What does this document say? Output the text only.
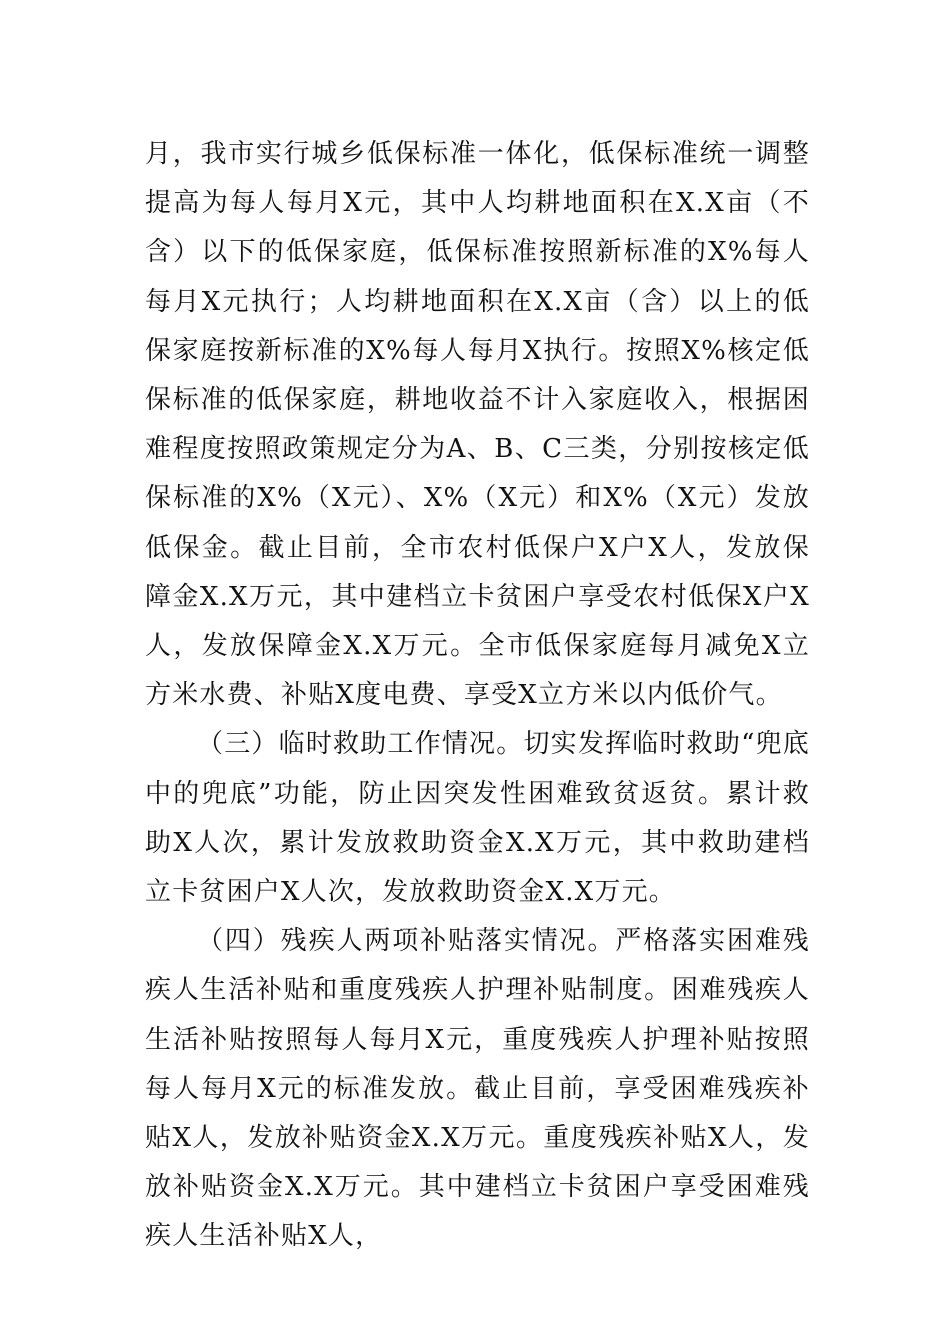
月，我市实行城乡低保标准一体化，低保标准统一调整提高为每人每月X元，其中人均耕地面积在X.X亩（不含）以下的低保家庭，低保标准按照新标准的X%每人每月X元执行；人均耕地面积在X.X亩（含）以上的低保家庭按新标准的X%每人每月X执行。按照X%核定低保标准的低保家庭，耕地收益不计入家庭收入，根据困难程度按照政策规定分为A、B、C三类，分别按核定低保标准的X%（X元）、X%（X元）和X%（X元）发放低保金。截止目前，全市农村低保户X户X人，发放保障金X.X万元，其中建档立卡贫困户享受农村低保X户X人，发放保障金X.X万元。全市低保家庭每月减免X立方米水费、补贴X度电费、享受X立方米以内低价气。

（三）临时救助工作情况。切实发挥临时救助“兜底中的兜底”功能，防止因突发性困难致贫返贫。累计救助X人次，累计发放救助资金X.X万元，其中救助建档立卡贫困户X人次，发放救助资金X.X万元。

（四）残疾人两项补贴落实情况。严格落实困难残疾人生活补贴和重度残疾人护理补贴制度。困难残疾人生活补贴按照每人每月X元，重度残疾人护理补贴按照每人每月X元的标准发放。截止目前，享受困难残疾补贴X人，发放补贴资金X.X万元。重度残疾补贴X人，发放补贴资金X.X万元。其中建档立卡贫困户享受困难残疾人生活补贴X人，
